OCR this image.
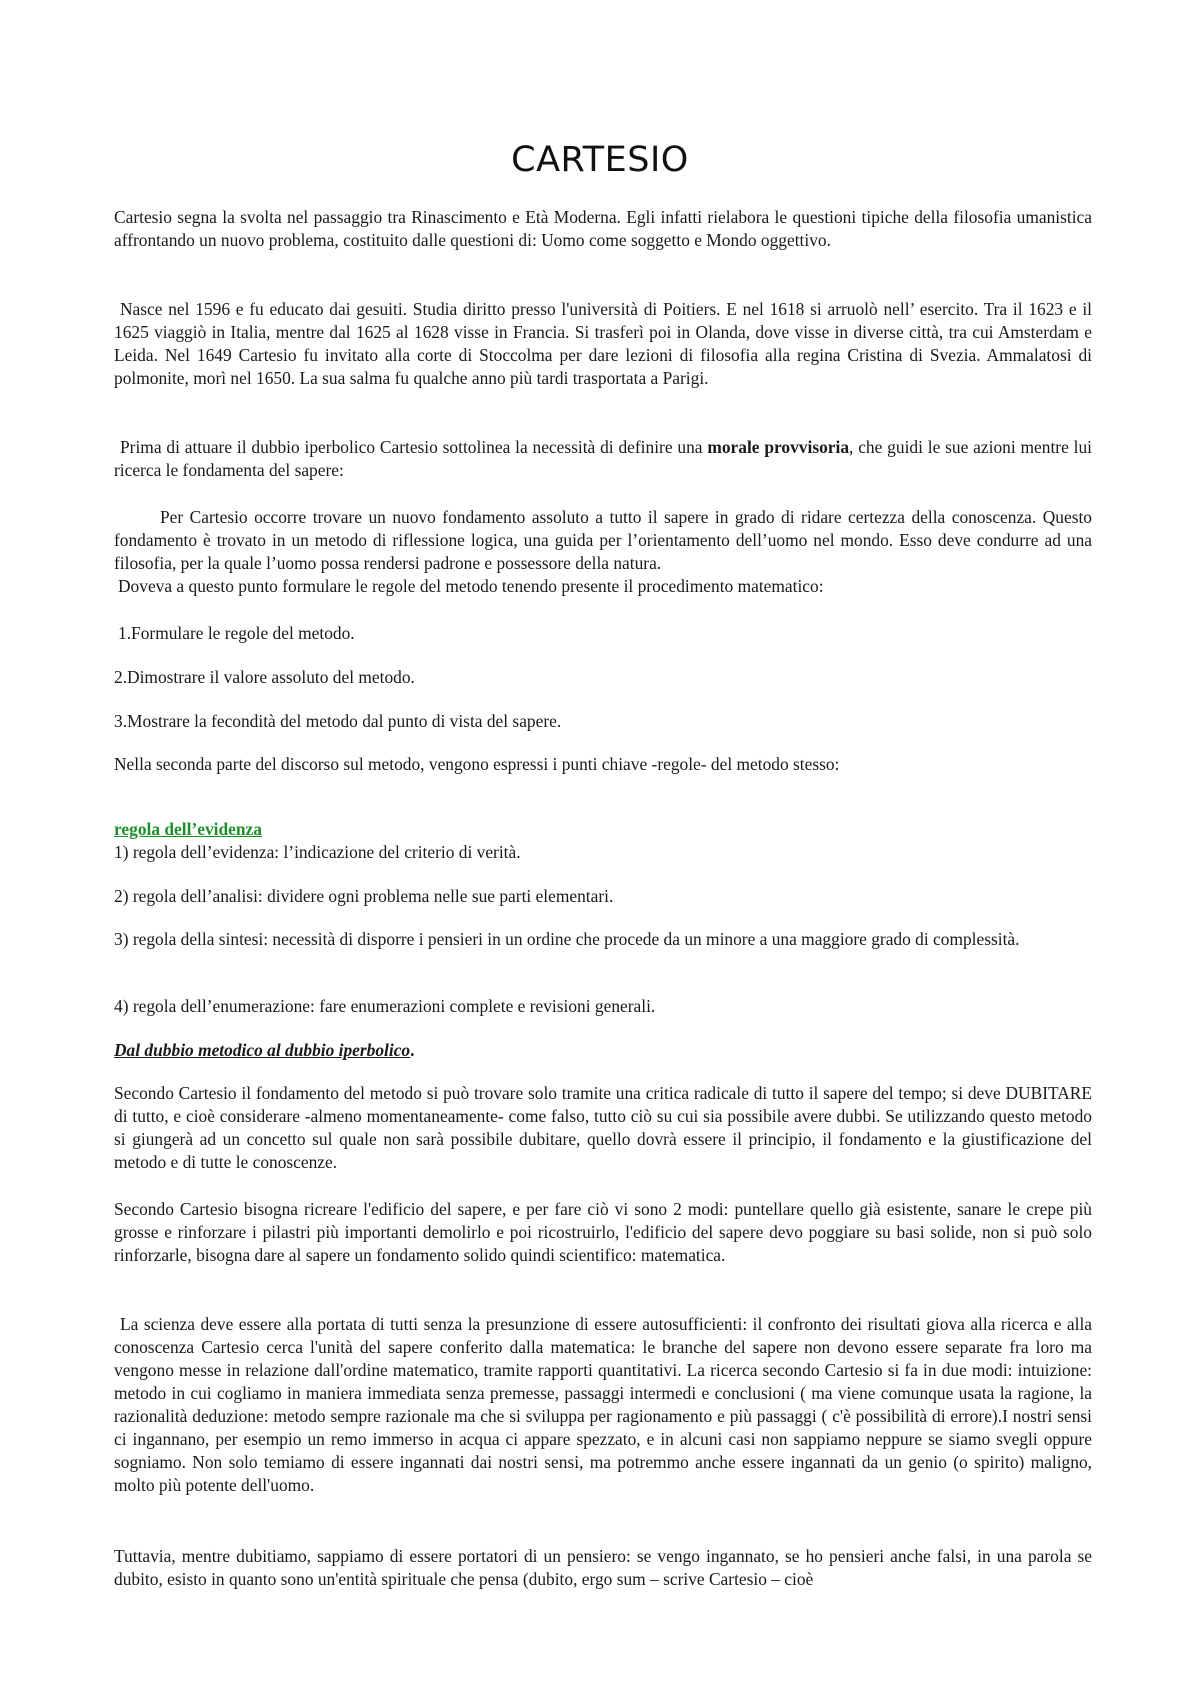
CARTESIO

Cartesio segna la svolta nel passaggio tra Rinascimento e Età Moderna. Egli infatti rielabora le questioni tipiche della filosofia umanistica affrontando un nuovo problema, costituito dalle questioni di: Uomo come soggetto e Mondo oggettivo.

Nasce nel 1596 e fu educato dai gesuiti. Studia diritto presso l'università di Poitiers. E nel 1618 si arruolò nell’ esercito. Tra il 1623 e il 1625 viaggiò in Italia, mentre dal 1625 al 1628 visse in Francia. Si trasferì poi in Olanda, dove visse in diverse città, tra cui Amsterdam e Leida. Nel 1649 Cartesio fu invitato alla corte di Stoccolma per dare lezioni di filosofia alla regina Cristina di Svezia. Ammalatosi di polmonite, morì nel 1650. La sua salma fu qualche anno più tardi trasportata a Parigi.

Prima di attuare il dubbio iperbolico Cartesio sottolinea la necessità di definire una morale provvisoria, che guidi le sue azioni mentre lui ricerca le fondamenta del sapere:

Per Cartesio occorre trovare un nuovo fondamento assoluto a tutto il sapere in grado di ridare certezza della conoscenza. Questo fondamento è trovato in un metodo di riflessione logica, una guida per l’orientamento dell’uomo nel mondo. Esso deve condurre ad una filosofia, per la quale l’uomo possa rendersi padrone e possessore della natura.

Doveva a questo punto formulare le regole del metodo tenendo presente il procedimento matematico:

1.Formulare le regole del metodo.

2.Dimostrare il valore assoluto del metodo.

3.Mostrare la fecondità del metodo dal punto di vista del sapere.

Nella seconda parte del discorso sul metodo, vengono espressi i punti chiave -regole- del metodo stesso:

regola dell’evidenza

1) regola dell’evidenza: l’indicazione del criterio di verità.

2) regola dell’analisi: dividere ogni problema nelle sue parti elementari.

3) regola della sintesi: necessità di disporre i pensieri in un ordine che procede da un minore a una maggiore grado di complessità.

4) regola dell’enumerazione: fare enumerazioni complete e revisioni generali.

Dal dubbio metodico al dubbio iperbolico.

Secondo Cartesio il fondamento del metodo si può trovare solo tramite una critica radicale di tutto il sapere del tempo; si deve DUBITARE di tutto, e cioè considerare -almeno momentaneamente- come falso, tutto ciò su cui sia possibile avere dubbi. Se utilizzando questo metodo si giungerà ad un concetto sul quale non sarà possibile dubitare, quello dovrà essere il principio, il fondamento e la giustificazione del metodo e di tutte le conoscenze.

Secondo Cartesio bisogna ricreare l'edificio del sapere, e per fare ciò vi sono 2 modi: puntellare quello già esistente, sanare le crepe più grosse e rinforzare i pilastri più importanti demolirlo e poi ricostruirlo, l'edificio del sapere devo poggiare su basi solide, non si può solo rinforzarle, bisogna dare al sapere un fondamento solido quindi scientifico: matematica.

La scienza deve essere alla portata di tutti senza la presunzione di essere autosufficienti: il confronto dei risultati giova alla ricerca e alla conoscenza Cartesio cerca l'unità del sapere conferito dalla matematica: le branche del sapere non devono essere separate fra loro ma vengono messe in relazione dall'ordine matematico, tramite rapporti quantitativi. La ricerca secondo Cartesio si fa in due modi: intuizione: metodo in cui cogliamo in maniera immediata senza premesse, passaggi intermedi e conclusioni ( ma viene comunque usata la ragione, la razionalità deduzione: metodo sempre razionale ma che si sviluppa per ragionamento e più passaggi ( c'è possibilità di errore).I nostri sensi ci ingannano, per esempio un remo immerso in acqua ci appare spezzato, e in alcuni casi non sappiamo neppure se siamo svegli oppure sogniamo. Non solo temiamo di essere ingannati dai nostri sensi, ma potremmo anche essere ingannati da un genio (o spirito) maligno, molto più potente dell'uomo.

Tuttavia, mentre dubitiamo, sappiamo di essere portatori di un pensiero: se vengo ingannato, se ho pensieri anche falsi, in una parola se dubito, esisto in quanto sono un'entità spirituale che pensa (dubito, ergo sum – scrive Cartesio – cioè
